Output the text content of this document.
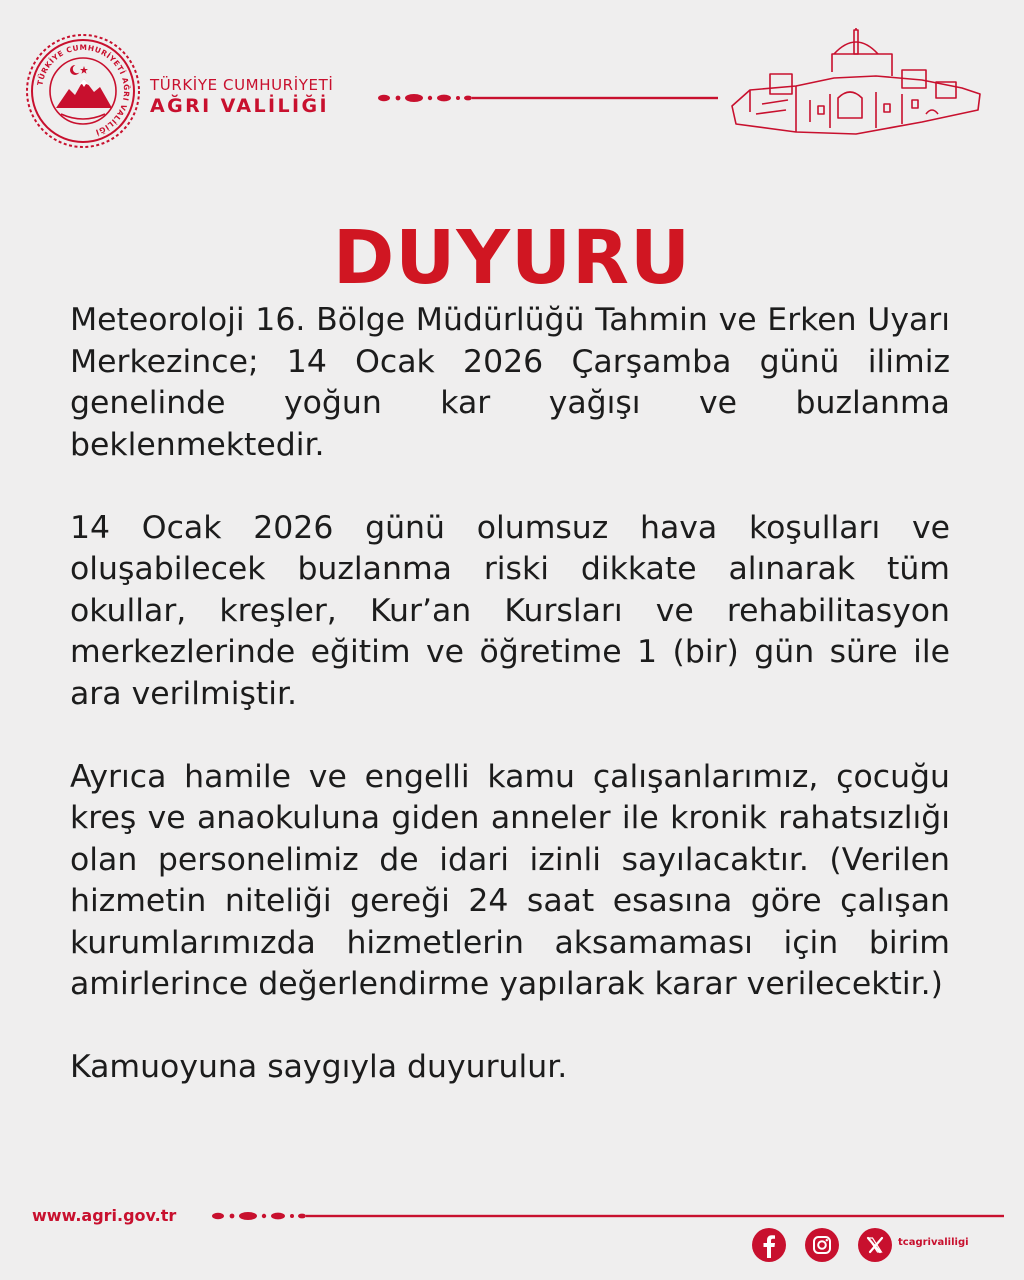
TÜRKİYE CUMHURİYETİ AĞRI VALİLİĞİ
TÜRKİYE CUMHURİYETİ
AĞRI VALİLİĞİ
DUYURU

Meteoroloji 16. Bölge Müdürlüğü Tahmin ve Erken Uyarı Merkezince; 14 Ocak 2026 Çarşamba günü ilimiz genelinde yoğun kar yağışı ve buzlanma beklenmektedir.

14 Ocak 2026 günü olumsuz hava koşulları ve oluşabilecek buzlanma riski dikkate alınarak tüm okullar, kreşler, Kur’an Kursları ve rehabilitasyon merkezlerinde eğitim ve öğretime 1 (bir) gün süre ile ara verilmiştir.

Ayrıca hamile ve engelli kamu çalışanlarımız, çocuğu kreş ve anaokuluna giden anneler ile kronik rahatsızlığı olan personelimiz de idari izinli sayılacaktır. (Verilen hizmetin niteliği gereği 24 saat esasına göre çalışan kurumlarımızda hizmetlerin aksamaması için birim amirlerince değerlendirme yapılarak karar verilecektir.)

Kamuoyuna saygıyla duyurulur.

www.agri.gov.tr
tcagrivaliligi
